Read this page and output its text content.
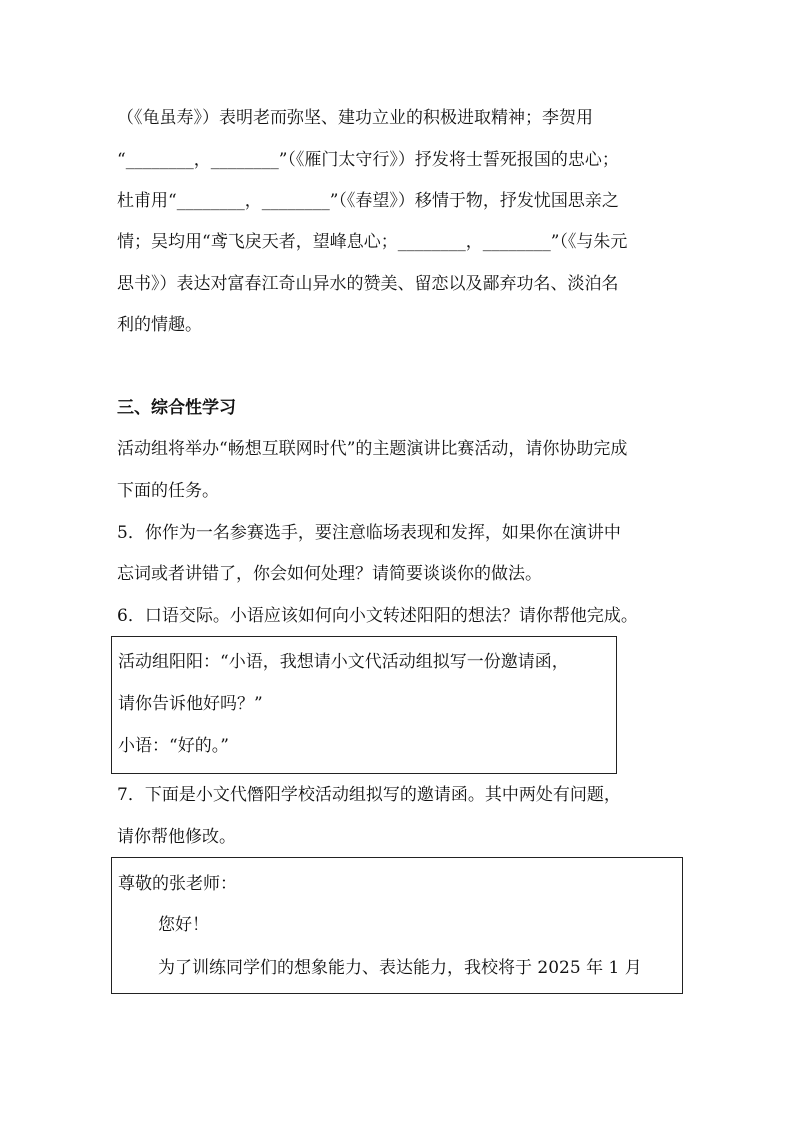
（《龟虽寿》）表明老而弥坚、建功立业的积极进取精神；李贺用
“________，________”（《雁门太守行》）抒发将士誓死报国的忠心；
杜甫用“________，________”（《春望》）移情于物，抒发忧国思亲之
情；吴均用“鸢飞戾天者，望峰息心；________，________”（《与朱元
思书》）表达对富春江奇山异水的赞美、留恋以及鄙弃功名、淡泊名
利的情趣。
三、综合性学习
活动组将举办“畅想互联网时代”的主题演讲比赛活动，请你协助完成
下面的任务。
5．你作为一名参赛选手，要注意临场表现和发挥，如果你在演讲中
忘词或者讲错了，你会如何处理？请简要谈谈你的做法。
6．口语交际。小语应该如何向小文转述阳阳的想法？请你帮他完成。
活动组阳阳：“小语，我想请小文代活动组拟写一份邀请函，
请你告诉他好吗？”
小语：“好的。”
7．下面是小文代僭阳学校活动组拟写的邀请函。其中两处有问题，
请你帮他修改。
尊敬的张老师：
您好！
为了训练同学们的想象能力、表达能力，我校将于 2025 年 1 月
